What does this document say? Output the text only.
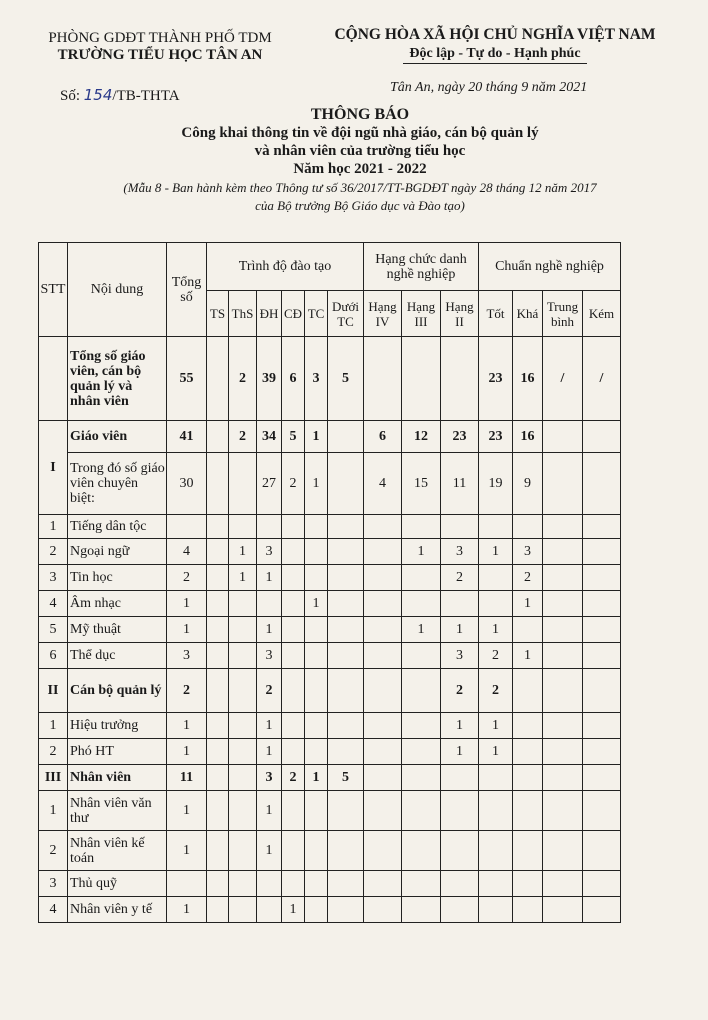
PHÒNG GDĐT THÀNH PHỐ TDM
TRƯỜNG TIỂU HỌC TÂN AN
CỘNG HÒA XÃ HỘI CHỦ NGHĨA VIỆT NAM
Độc lập - Tự do - Hạnh phúc
Số: 154/TB-THTA
Tân An, ngày 20 tháng 9 năm 2021
THÔNG BÁO
Công khai thông tin về đội ngũ nhà giáo, cán bộ quản lý
và nhân viên của trường tiểu học
Năm học 2021 - 2022
(Mẫu 8 - Ban hành kèm theo Thông tư số 36/2017/TT-BGDĐT ngày 28 tháng 12 năm 2017
của Bộ trưởng Bộ Giáo dục và Đào tạo)
STT	Nội dung	Tổng số	Trình độ đào tạo						Hạng chức danh nghề nghiệp			Chuẩn nghề nghiệp			
			TS	ThS	ĐH	CĐ	TC	Dưới TC	Hạng IV	Hạng III	Hạng II	Tốt	Khá	Trung bình	Kém
	Tổng số giáo viên, cán bộ quản lý và nhân viên	55		2	39	6	3	5				23	16	/	/
I	Giáo viên	41		2	34	5	1		6	12	23	23	16		
	Trong đó số giáo viên chuyên biệt:	30			27	2	1		4	15	11	19	9		
1	Tiếng dân tộc														
2	Ngoại ngữ	4		1	3					1	3	1	3		
3	Tin học	2		1	1						2		2		
4	Âm nhạc	1					1						1		
5	Mỹ thuật	1			1					1	1	1			
6	Thể dục	3			3						3	2	1		
II	Cán bộ quản lý	2			2						2	2			
1	Hiệu trưởng	1			1						1	1			
2	Phó HT	1			1						1	1			
III	Nhân viên	11			3	2	1	5							
1	Nhân viên văn thư	1			1										
2	Nhân viên kế toán	1			1										
3	Thủ quỹ														
4	Nhân viên y tế	1				1									
